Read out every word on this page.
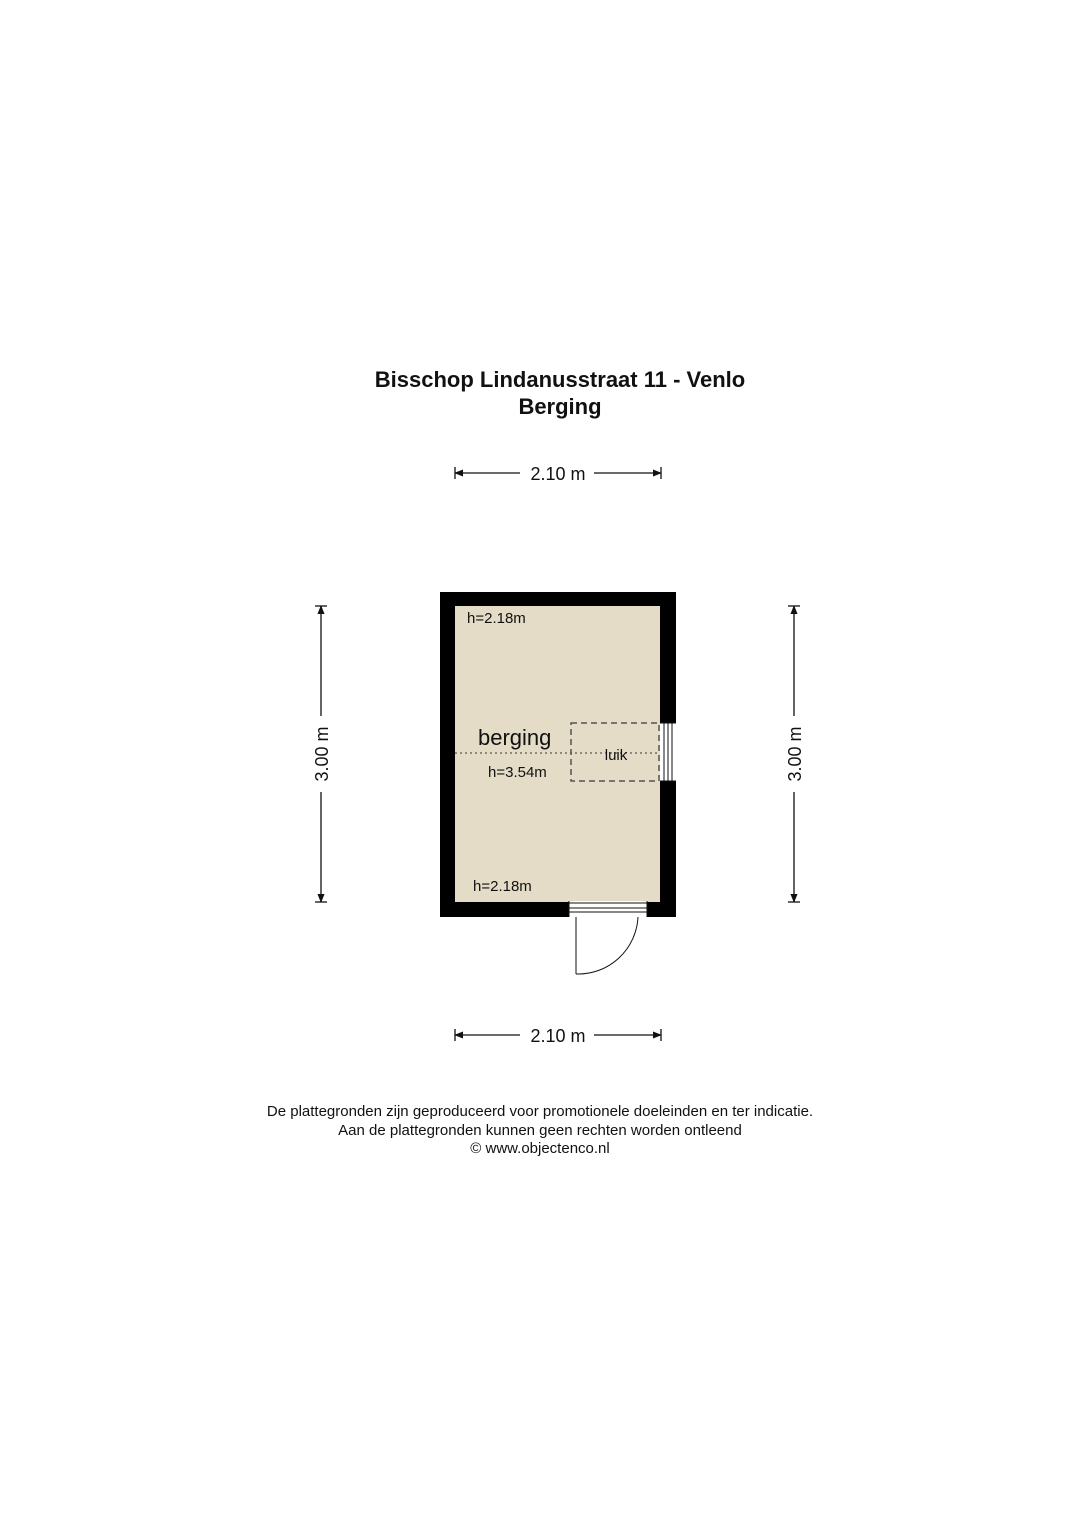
Bisschop Lindanusstraat 11 - Venlo
Berging
2.10 m
2.10 m
3.00 m	3.00 m
luik
h=2.18m
berging
h=3.54m
h=2.18m
De plattegronden zijn geproduceerd voor promotionele doeleinden en ter indicatie.
Aan de plattegronden kunnen geen rechten worden ontleend
© www.objectenco.nl
